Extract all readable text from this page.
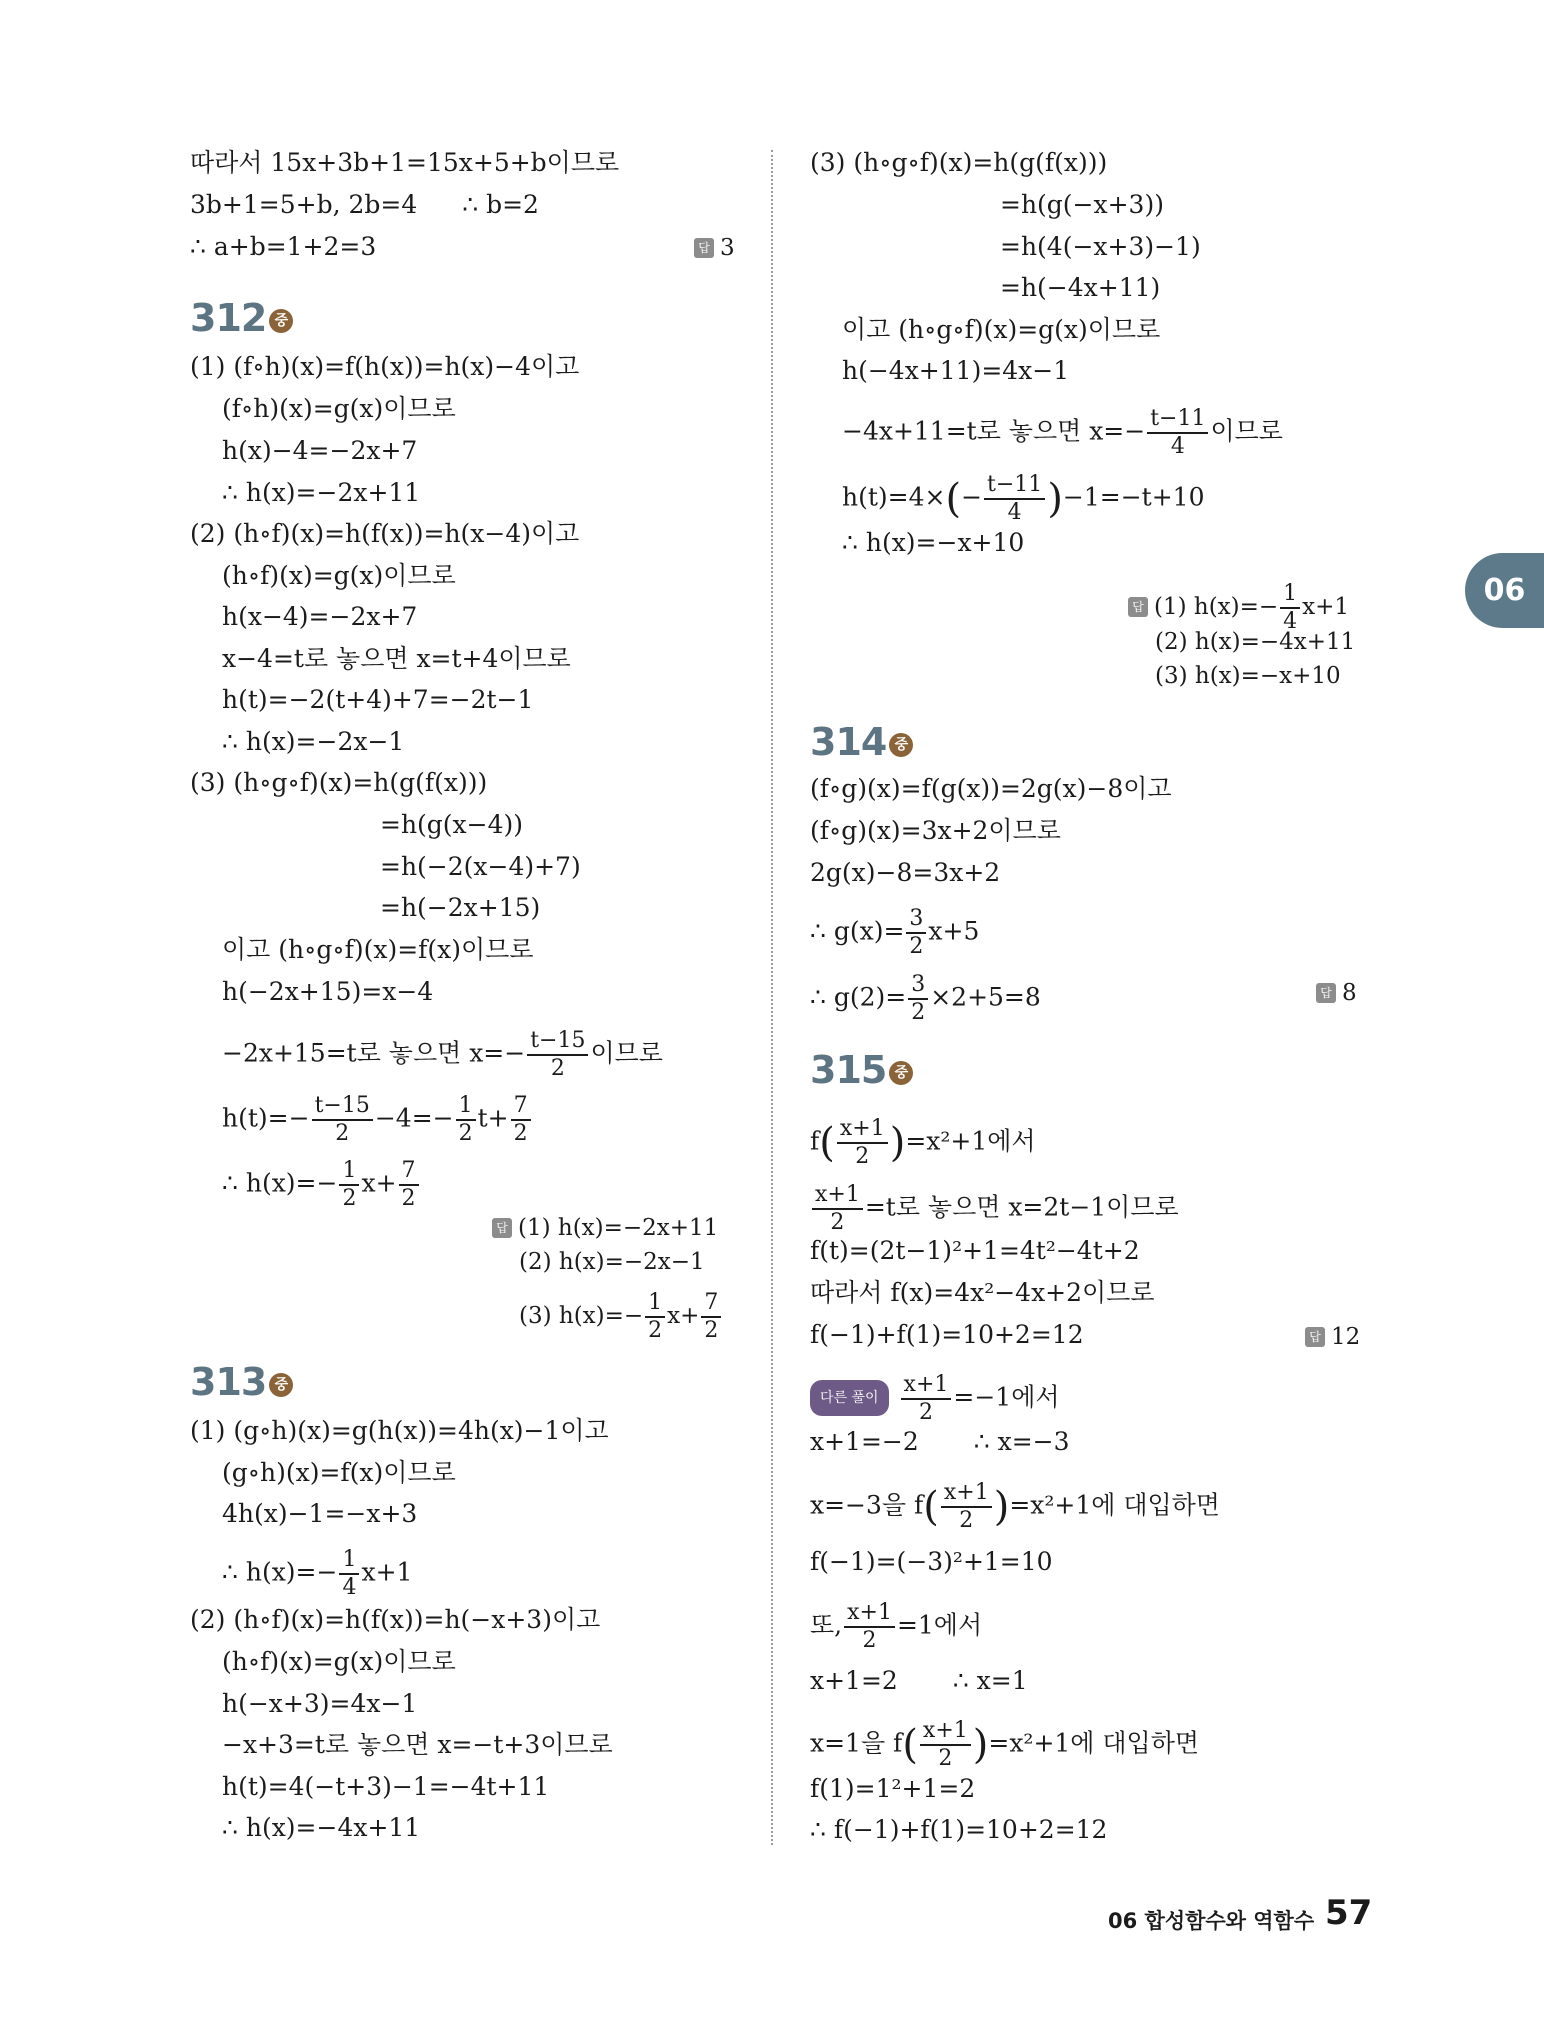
따라서 15x+3b+1=15x+5+b이므로
3b+1=5+b, 2b=4 ∴ b=2
∴ a+b=1+2=3	답 3
312 중
(1) (f∘h)(x)=f(h(x))=h(x)−4이고
(f∘h)(x)=g(x)이므로
h(x)−4=−2x+7
∴ h(x)=−2x+11
(2) (h∘f)(x)=h(f(x))=h(x−4)이고
(h∘f)(x)=g(x)이므로
h(x−4)=−2x+7
x−4=t로 놓으면 x=t+4이므로
h(t)=−2(t+4)+7=−2t−1
∴ h(x)=−2x−1
(3) (h∘g∘f)(x)=h(g(f(x)))
=h(g(x−4))
=h(−2(x−4)+7)
=h(−2x+15)
이고 (h∘g∘f)(x)=f(x)이므로
h(−2x+15)=x−4
−2x+15=t로 놓으면 $x=- \frac{t-15}{2}$ 이므로
$h(t)=- \frac{t-15}{2} -4=- \frac{1}{2} t+ \frac{7}{2}$
∴ $h(x)=- \frac{1}{2} x+ \frac{7}{2}$
답 (1) h(x)=−2x+11
(2) h(x)=−2x−1
(3) $h(x)=- \frac{1}{2} x+ \frac{7}{2}$
313 중
(1) (g∘h)(x)=g(h(x))=4h(x)−1이고
(g∘h)(x)=f(x)이므로
4h(x)−1=−x+3
∴ $h(x)=- \frac{1}{4} x+1$
(2) (h∘f)(x)=h(f(x))=h(−x+3)이고
(h∘f)(x)=g(x)이므로
h(−x+3)=4x−1
−x+3=t로 놓으면 x=−t+3이므로
h(t)=4(−t+3)−1=−4t+11
∴ h(x)=−4x+11
(3) (h∘g∘f)(x)=h(g(f(x)))
=h(g(−x+3))
=h(4(−x+3)−1)
=h(−4x+11)
이고 (h∘g∘f)(x)=g(x)이므로
h(−4x+11)=4x−1
−4x+11=t로 놓으면 $x=- \frac{t-11}{4}$ 이므로
$h(t)=4\times(- \frac{t-11}{4} )-1=-t+10$
∴ h(x)=−x+10
답 (1) $h(x)=- \frac{1}{4} x+1$
(2) h(x)=−4x+11
(3) h(x)=−x+10
314 중
(f∘g)(x)=f(g(x))=2g(x)−8이고
(f∘g)(x)=3x+2이므로
2g(x)−8=3x+2
∴ $g(x)= \frac{3}{2} x+5$
∴ $g(2)= \frac{3}{2} \times 2+5=8$	답 8
315 중
$f( \frac{x+1}{2} )=x^2+1$에서
$\frac{x+1}{2} =t$로 놓으면 x=2t−1이므로
f(t)=(2t−1)²+1=4t²−4t+2
따라서 f(x)=4x²−4x+2이므로
f(−1)+f(1)=10+2=12	답 12
다른 풀이 $\frac{x+1}{2} =-1$에서
x+1=−2 ∴ x=−3
x=−3을 $f( \frac{x+1}{2} )=x^2+1$에 대입하면
f(−1)=(−3)²+1=10
또, $\frac{x+1}{2} =1$에서
x+1=2 ∴ x=1
x=1을 $f( \frac{x+1}{2} )=x^2+1$에 대입하면
f(1)=1²+1=2
∴ f(−1)+f(1)=10+2=12
06
06 합성함수와 역함수 57
